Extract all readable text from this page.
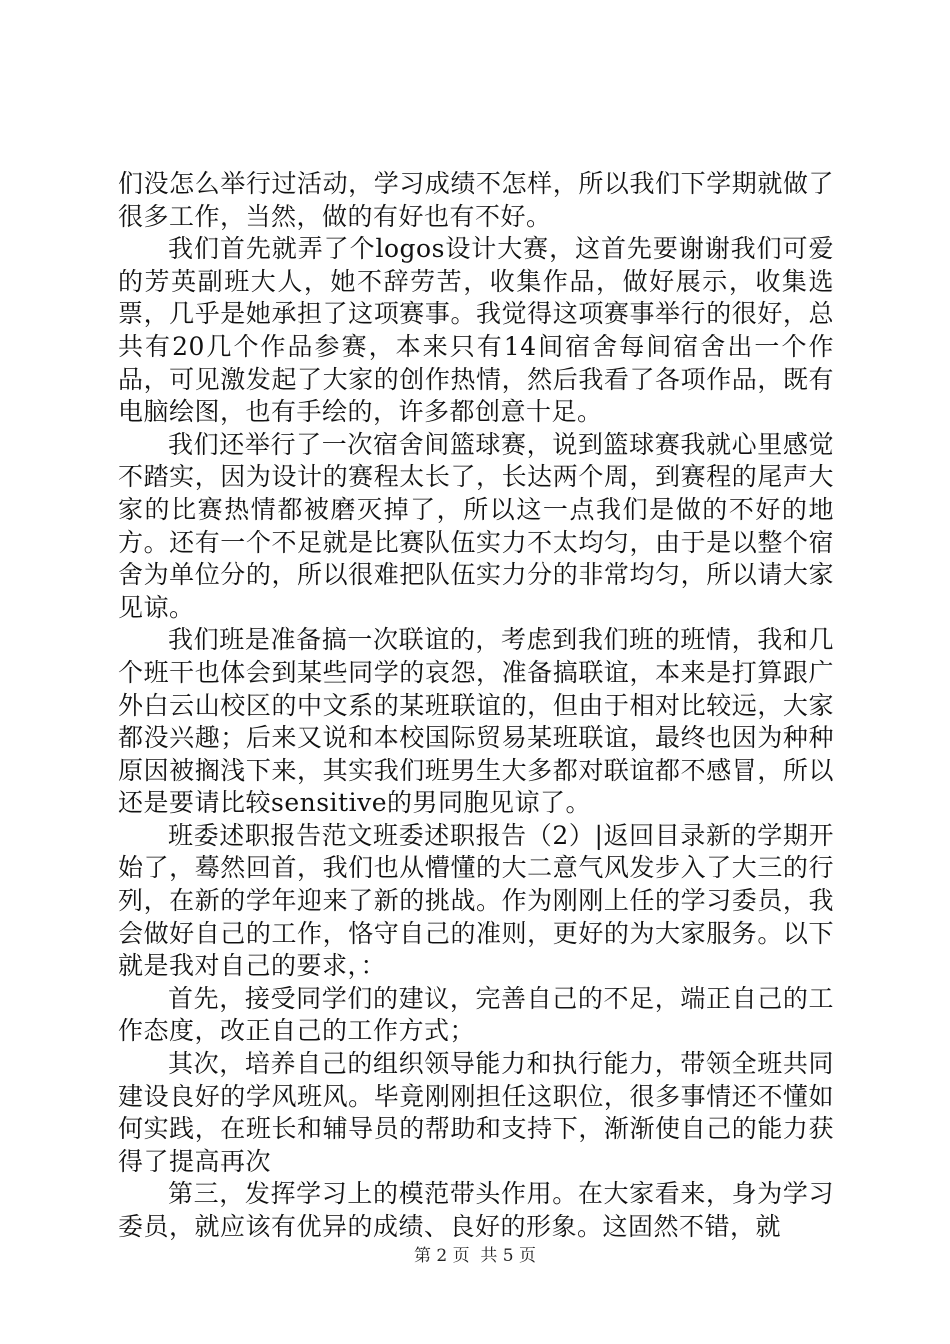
们没怎么举行过活动，学习成绩不怎样，所以我们下学期就做了很多工作，当然，做的有好也有不好。

我们首先就弄了个logos设计大赛，这首先要谢谢我们可爱的芳英副班大人，她不辞劳苦，收集作品，做好展示，收集选票，几乎是她承担了这项赛事。我觉得这项赛事举行的很好，总共有20几个作品参赛，本来只有14间宿舍每间宿舍出一个作品，可见激发起了大家的创作热情，然后我看了各项作品，既有电脑绘图，也有手绘的，许多都创意十足。

我们还举行了一次宿舍间篮球赛，说到篮球赛我就心里感觉不踏实，因为设计的赛程太长了，长达两个周，到赛程的尾声大家的比赛热情都被磨灭掉了，所以这一点我们是做的不好的地方。还有一个不足就是比赛队伍实力不太均匀，由于是以整个宿舍为单位分的，所以很难把队伍实力分的非常均匀，所以请大家见谅。

我们班是准备搞一次联谊的，考虑到我们班的班情，我和几个班干也体会到某些同学的哀怨，准备搞联谊，本来是打算跟广外白云山校区的中文系的某班联谊的，但由于相对比较远，大家都没兴趣；后来又说和本校国际贸易某班联谊，最终也因为种种原因被搁浅下来，其实我们班男生大多都对联谊都不感冒，所以还是要请比较sensitive的男同胞见谅了。

班委述职报告范文班委述职报告（2）|返回目录新的学期开始了，蓦然回首，我们也从懵懂的大二意气风发步入了大三的行列，在新的学年迎来了新的挑战。作为刚刚上任的学习委员，我会做好自己的工作，恪守自己的准则，更好的为大家服务。以下就是我对自己的要求，：

首先，接受同学们的建议，完善自己的不足，端正自己的工作态度，改正自己的工作方式；

其次，培养自己的组织领导能力和执行能力，带领全班共同建设良好的学风班风。毕竟刚刚担任这职位，很多事情还不懂如何实践，在班长和辅导员的帮助和支持下，渐渐使自己的能力获得了提高再次

第三，发挥学习上的模范带头作用。在大家看来，身为学习委员，就应该有优异的成绩、良好的形象。这固然不错，就

第 2 页  共 5 页
